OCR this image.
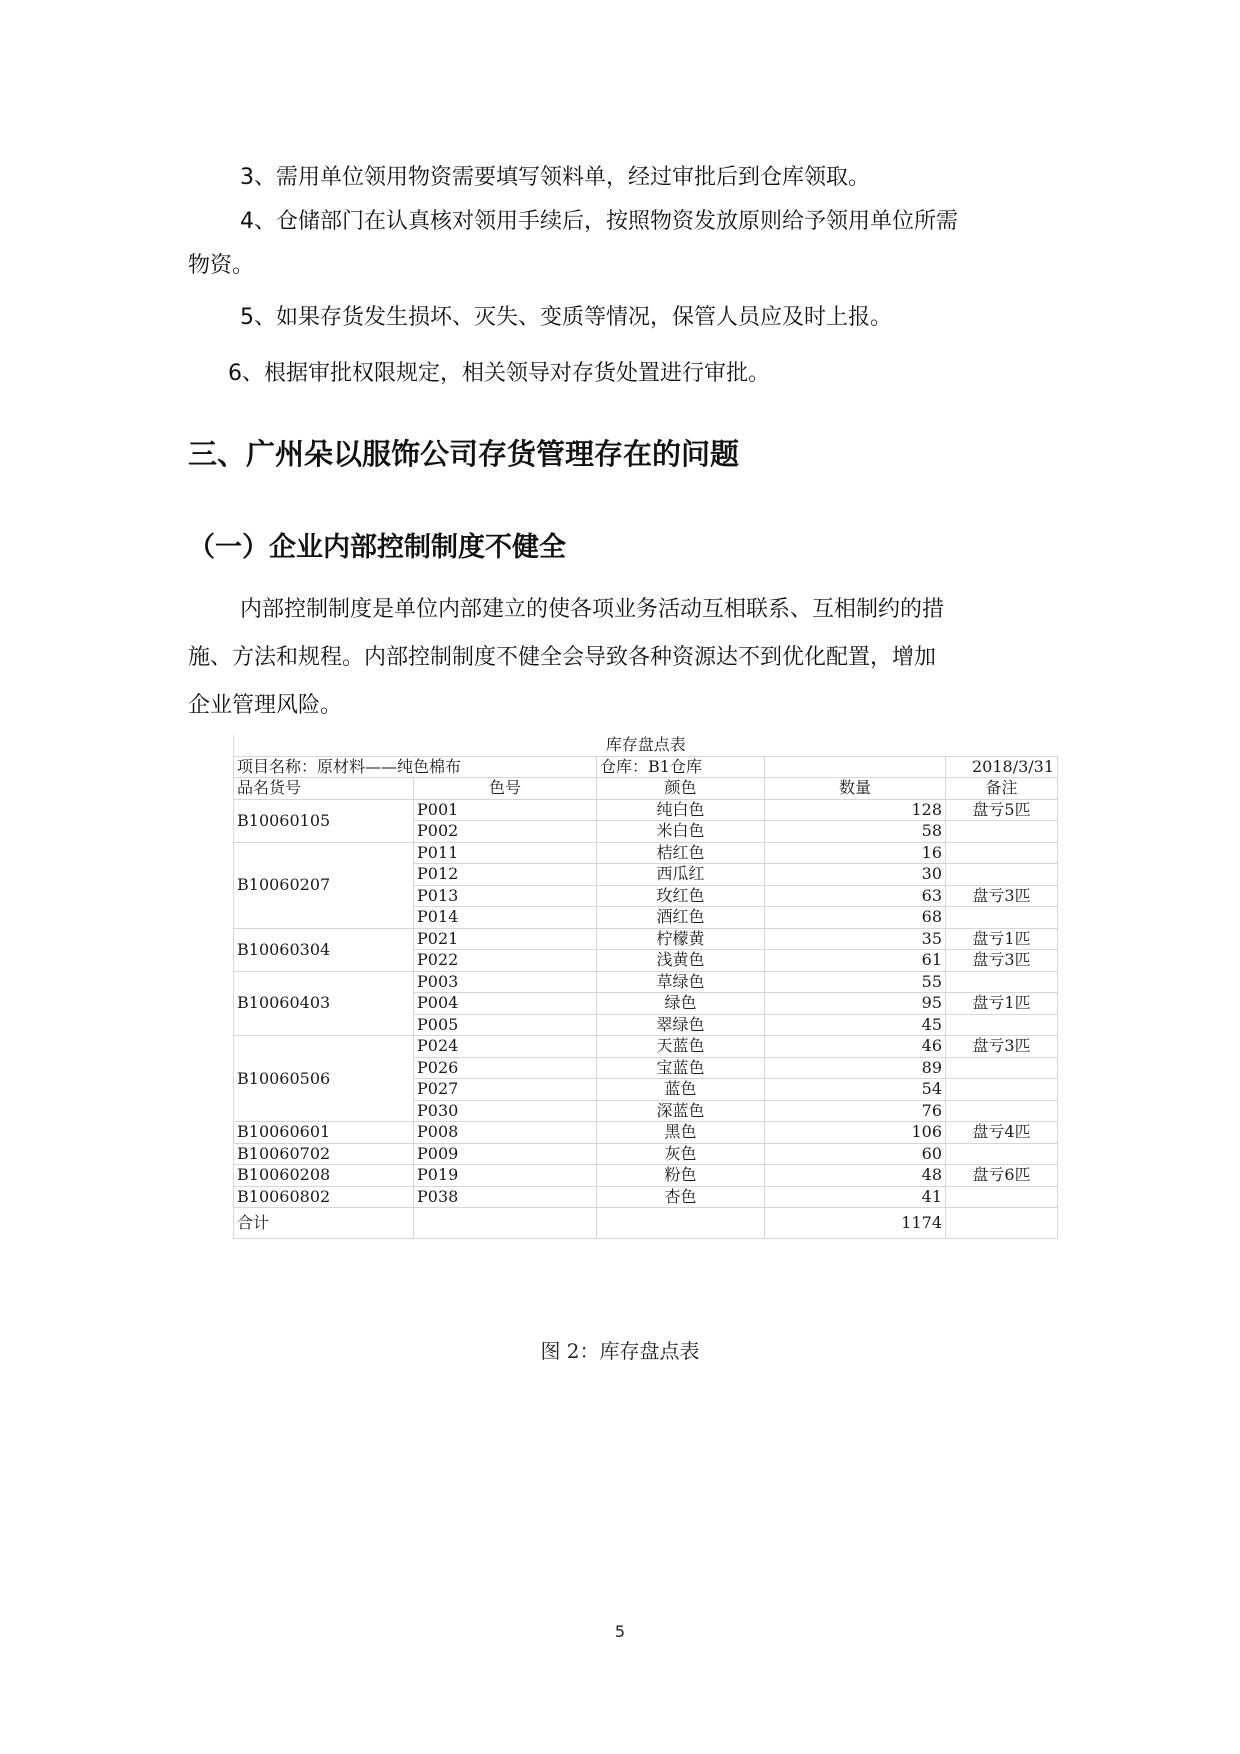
3、需用单位领用物资需要填写领料单，经过审批后到仓库领取。
4、仓储部门在认真核对领用手续后，按照物资发放原则给予领用单位所需
物资。
5、如果存货发生损坏、灭失、变质等情况，保管人员应及时上报。
6、根据审批权限规定，相关领导对存货处置进行审批。
三、广州朵以服饰公司存货管理存在的问题
（一）企业内部控制制度不健全
内部控制制度是单位内部建立的使各项业务活动互相联系、互相制约的措
施、方法和规程。内部控制制度不健全会导致各种资源达不到优化配置，增加
企业管理风险。
库存盘点表				
项目名称：原材料——纯色棉布		仓库：B1仓库		2018/3/31
品名货号	色号	颜色	数量	备注
B10060105	P001	纯白色	128	盘亏5匹
	P002	米白色	58	
B10060207	P011	桔红色	16	
	P012	西瓜红	30	
	P013	玫红色	63	盘亏3匹
	P014	酒红色	68	
B10060304	P021	柠檬黄	35	盘亏1匹
	P022	浅黄色	61	盘亏3匹
B10060403	P003	草绿色	55	
	P004	绿色	95	盘亏1匹
	P005	翠绿色	45	
B10060506	P024	天蓝色	46	盘亏3匹
	P026	宝蓝色	89	
	P027	蓝色	54	
	P030	深蓝色	76	
B10060601	P008	黑色	106	盘亏4匹
B10060702	P009	灰色	60	
B10060208	P019	粉色	48	盘亏6匹
B10060802	P038	杏色	41	
合计			1174	
图 2：库存盘点表
5
